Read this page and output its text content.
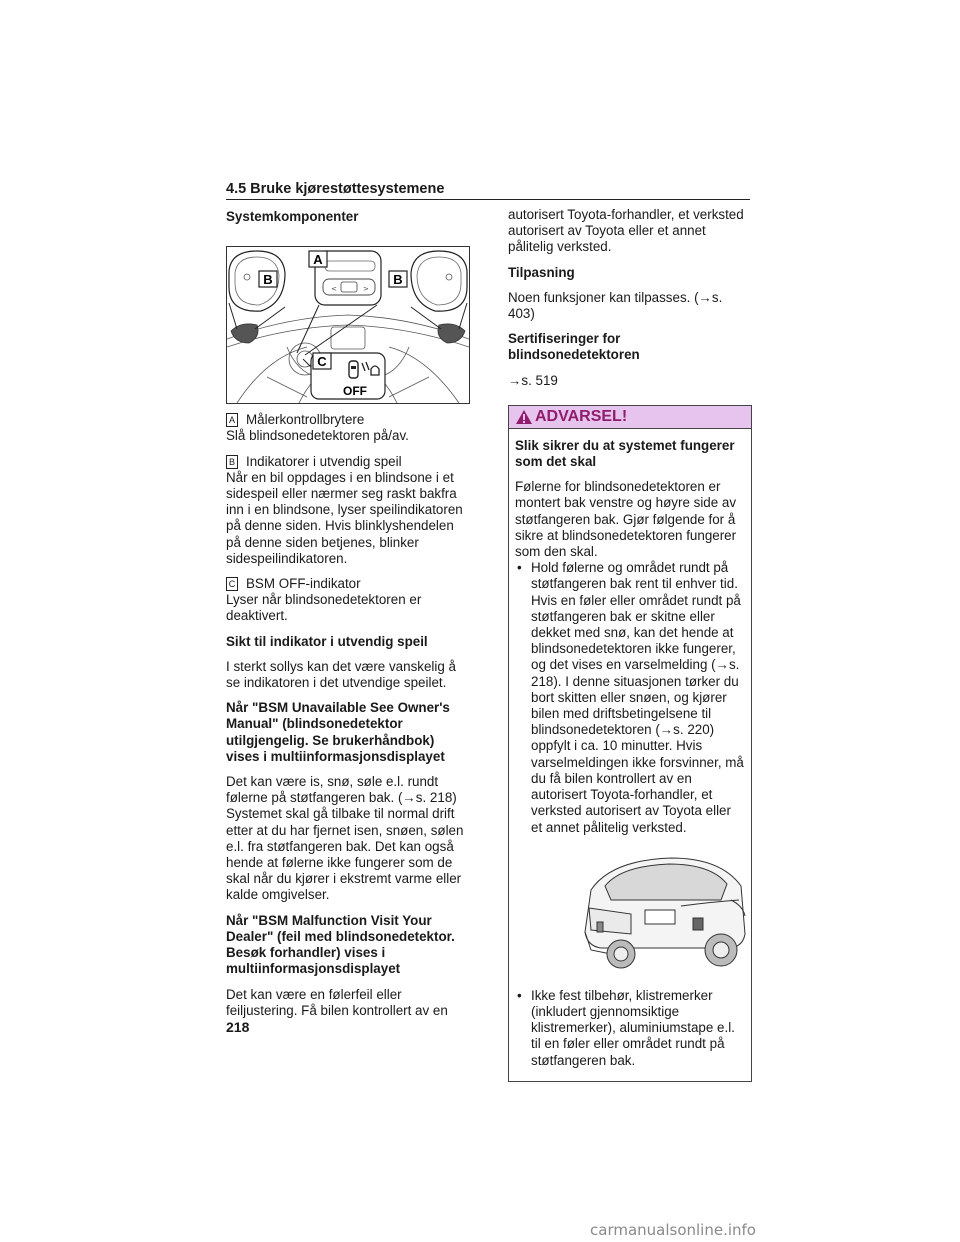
4.5 Bruke kjørestøttesystemene
Systemkomponenter
B	B
<	>
A
OFF
C
A Målerkontrollbrytere
Slå blindsonedetektoren på/av.
B Indikatorer i utvendig speil
Når en bil oppdages i en blindsone i et sidespeil eller nærmer seg raskt bakfra inn i en blindsone, lyser speilindikatoren på denne siden. Hvis blinklyshendelen på denne siden betjenes, blinker sidespeilindikatoren.
C BSM OFF-indikator
Lyser når blindsonedetektoren er deaktivert.
Sikt til indikator i utvendig speil

I sterkt sollys kan det være vanskelig å se indikatoren i det utvendige speilet.

Når "BSM Unavailable See Owner's Manual" (blindsonedetektor utilgjengelig. Se brukerhåndbok) vises i multiinformasjonsdisplayet

Det kan være is, snø, søle e.l. rundt følerne på støtfangeren bak. (→s. 218) Systemet skal gå tilbake til normal drift etter at du har fjernet isen, snøen, sølen e.l. fra støtfangeren bak. Det kan også hende at følerne ikke fungerer som de skal når du kjører i ekstremt varme eller kalde omgivelser.

Når "BSM Malfunction Visit Your Dealer" (feil med blindsonedetektor. Besøk forhandler) vises i multiinformasjonsdisplayet

Det kan være en følerfeil eller feiljustering. Få bilen kontrollert av en

autorisert Toyota-forhandler, et verksted autorisert av Toyota eller et annet pålitelig verksted.

Tilpasning

Noen funksjoner kan tilpasses. (→s. 403)

Sertifiseringer for blindsonedetektoren

→s. 519

ADVARSEL!
Slik sikrer du at systemet fungerer som det skal

Følerne for blindsonedetektoren er montert bak venstre og høyre side av støtfangeren bak. Gjør følgende for å sikre at blindsonedetektoren fungerer som den skal.

• Hold følerne og området rundt på støtfangeren bak rent til enhver tid. Hvis en føler eller området rundt på støtfangeren bak er skitne eller dekket med snø, kan det hende at blindsonedetektoren ikke fungerer, og det vises en varselmelding (→s. 218). I denne situasjonen tørker du bort skitten eller snøen, og kjører bilen med driftsbetingelsene til blindsonedetektoren (→s. 220) oppfylt i ca. 10 minutter. Hvis varselmeldingen ikke forsvinner, må du få bilen kontrollert av en autorisert Toyota-forhandler, et verksted autorisert av Toyota eller et annet pålitelig verksted.
• Ikke fest tilbehør, klistremerker (inkludert gjennomsiktige klistremerker), aluminiumstape e.l. til en føler eller området rundt på støtfangeren bak.
218
carmanualsonline.info
